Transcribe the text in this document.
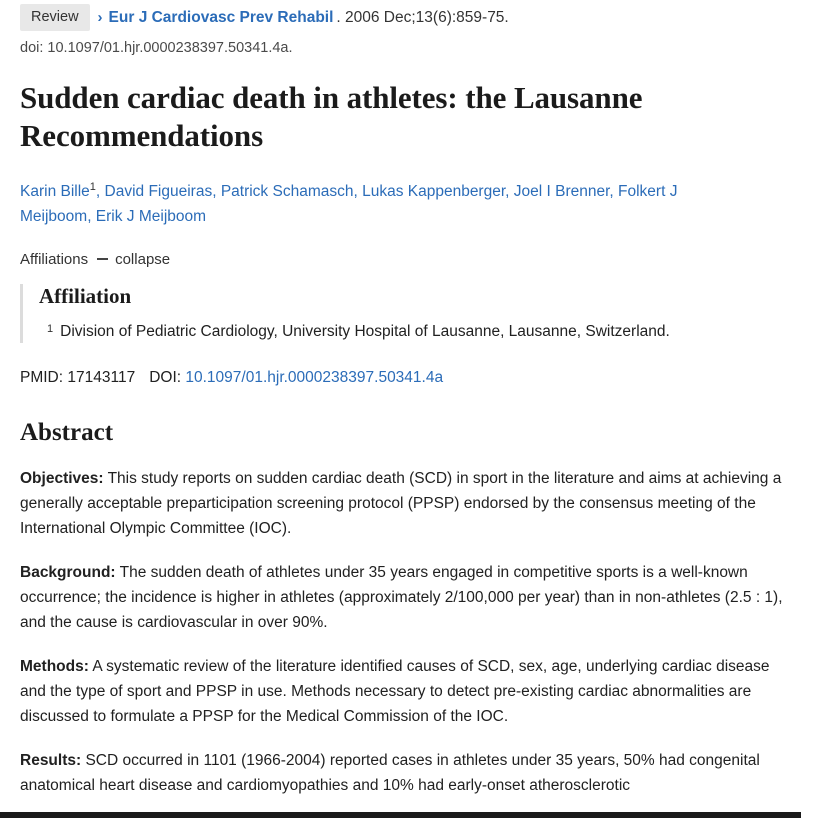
Review	› Eur J Cardiovasc Prev Rehabil . 2006 Dec;13(6):859-75.
doi: 10.1097/01.hjr.0000238397.50341.4a.
Sudden cardiac death in athletes: the Lausanne Recommendations
Karin Bille$^1$, David Figueiras, Patrick Schamasch, Lukas Kappenberger, Joel I Brenner, Folkert J Meijboom, Erik J Meijboom
Affiliations collapse
Affiliation
1 Division of Pediatric Cardiology, University Hospital of Lausanne, Lausanne, Switzerland.
PMID: 17143117 DOI: 10.1097/01.hjr.0000238397.50341.4a
Abstract

Objectives: This study reports on sudden cardiac death (SCD) in sport in the literature and aims at achieving a generally acceptable preparticipation screening protocol (PPSP) endorsed by the consensus meeting of the International Olympic Committee (IOC).

Background: The sudden death of athletes under 35 years engaged in competitive sports is a well-known occurrence; the incidence is higher in athletes (approximately 2/100,000 per year) than in non-athletes (2.5 : 1), and the cause is cardiovascular in over 90%.

Methods: A systematic review of the literature identified causes of SCD, sex, age, underlying cardiac disease and the type of sport and PPSP in use. Methods necessary to detect pre-existing cardiac abnormalities are discussed to formulate a PPSP for the Medical Commission of the IOC.

Results: SCD occurred in 1101 (1966-2004) reported cases in athletes under 35 years, 50% had congenital anatomical heart disease and cardiomyopathies and 10% had early-onset atherosclerotic
